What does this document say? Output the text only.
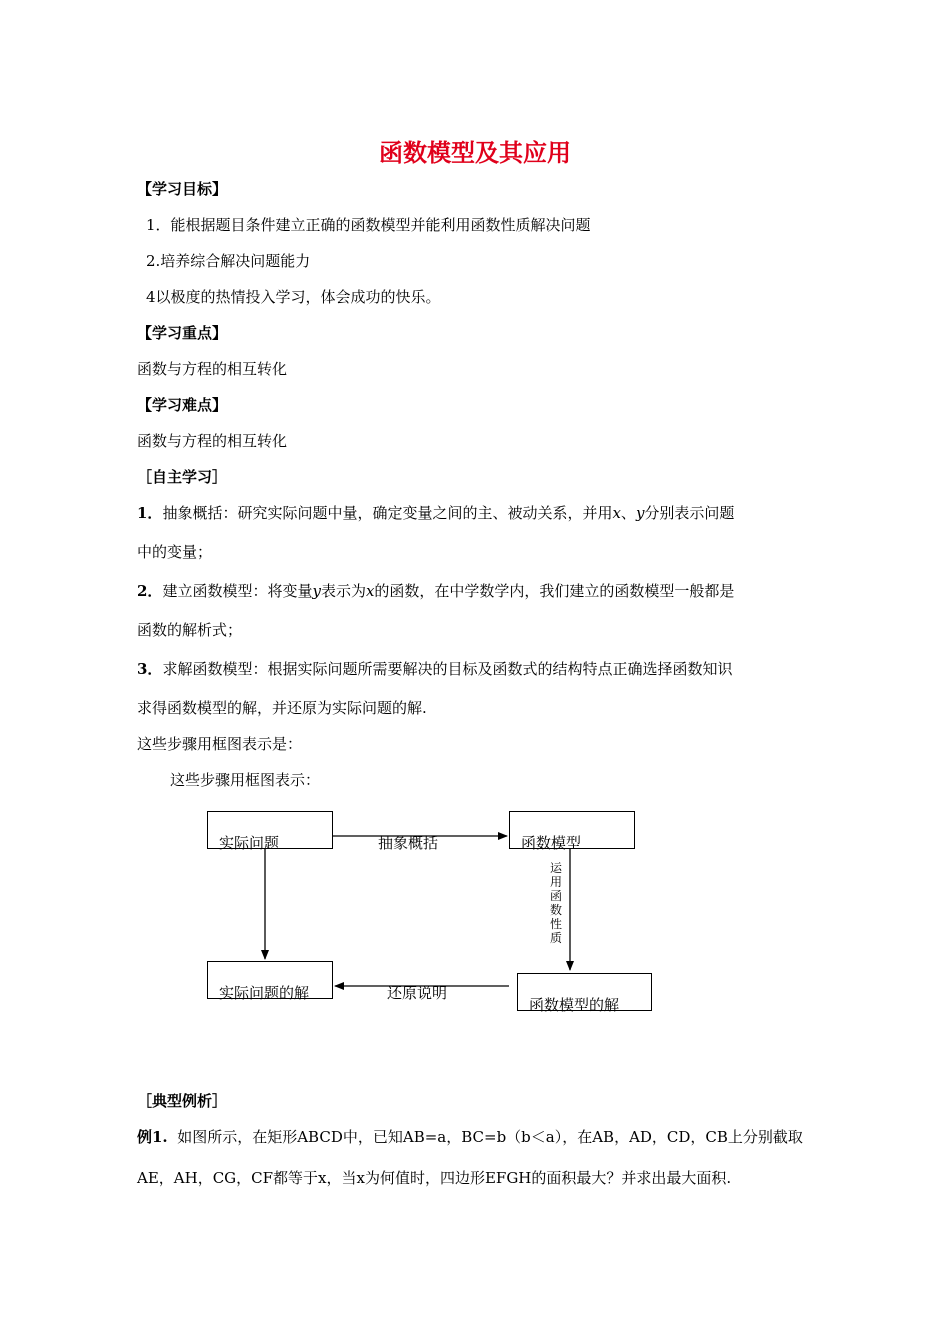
函数模型及其应用
【学习目标】
1．能根据题目条件建立正确的函数模型并能利用函数性质解决问题
2.培养综合解决问题能力
4以极度的热情投入学习，体会成功的快乐。
【学习重点】
函数与方程的相互转化
【学习难点】
函数与方程的相互转化
［自主学习］
1．抽象概括：研究实际问题中量，确定变量之间的主、被动关系，并用x、y分别表示问题
中的变量；
2．建立函数模型：将变量y表示为x的函数，在中学数学内，我们建立的函数模型一般都是
函数的解析式；
3．求解函数模型：根据实际问题所需要解决的目标及函数式的结构特点正确选择函数知识
求得函数模型的解，并还原为实际问题的解.
这些步骤用框图表示是：
这些步骤用框图表示：
实际问题	函数模型
实际问题的解
函数模型的解
抽象概括
还原说明
运用函数性质
［典型例析］
例1. 如图所示，在矩形ABCD中，已知AB=a，BC=b（b＜a），在AB，AD，CD，CB上分别截取
AE，AH，CG，CF都等于x，当x为何值时，四边形EFGH的面积最大？并求出最大面积.
